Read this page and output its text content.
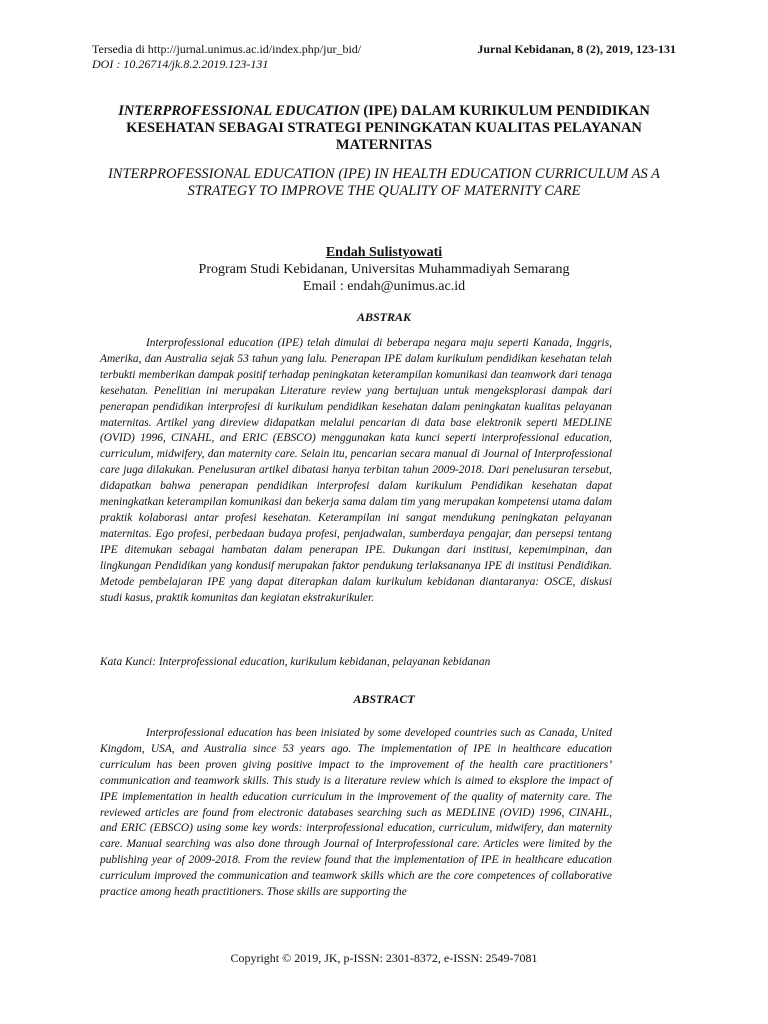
Tersedia di http://jurnal.unimus.ac.id/index.php/jur_bid/
DOI : 10.26714/jk.8.2.2019.123-131
Jurnal Kebidanan, 8 (2), 2019, 123-131
INTERPROFESSIONAL EDUCATION (IPE) DALAM KURIKULUM PENDIDIKAN KESEHATAN SEBAGAI STRATEGI PENINGKATAN KUALITAS PELAYANAN MATERNITAS
INTERPROFESSIONAL EDUCATION (IPE) IN HEALTH EDUCATION CURRICULUM AS A STRATEGY TO IMPROVE THE QUALITY OF MATERNITY CARE
Endah Sulistyowati
Program Studi Kebidanan, Universitas Muhammadiyah Semarang
Email : endah@unimus.ac.id
ABSTRAK
Interprofessional education (IPE) telah dimulai di beberapa negara maju seperti Kanada, Inggris, Amerika, dan Australia sejak 53 tahun yang lalu. Penerapan IPE dalam kurikulum pendidikan kesehatan telah terbukti memberikan dampak positif terhadap peningkatan keterampilan komunikasi dan teamwork dari tenaga kesehatan. Penelitian ini merupakan Literature review yang bertujuan untuk mengeksplorasi dampak dari penerapan pendidikan interprofesi di kurikulum pendidikan kesehatan dalam peningkatan kualitas pelayanan maternitas. Artikel yang direview didapatkan melalui pencarian di data base elektronik seperti MEDLINE (OVID) 1996, CINAHL, and ERIC (EBSCO) menggunakan kata kunci seperti interprofessional education, curriculum, midwifery, dan maternity care. Selain itu, pencarian secara manual di Journal of Interprofessional care juga dilakukan. Penelusuran artikel dibatasi hanya terbitan tahun 2009-2018. Dari penelusuran tersebut, didapatkan bahwa penerapan pendidikan interprofesi dalam kurikulum Pendidikan kesehatan dapat meningkatkan keterampilan komunikasi dan bekerja sama dalam tim yang merupakan kompetensi utama dalam praktik kolaborasi antar profesi kesehatan. Keterampilan ini sangat mendukung peningkatan pelayanan maternitas. Ego profesi, perbedaan budaya profesi, penjadwalan, sumberdaya pengajar, dan persepsi tentang IPE ditemukan sebagai hambatan dalam penerapan IPE. Dukungan dari institusi, kepemimpinan, dan lingkungan Pendidikan yang kondusif merupakan faktor pendukung terlaksananya IPE di institusi Pendidikan. Metode pembelajaran IPE yang dapat diterapkan dalam kurikulum kebidanan diantaranya: OSCE, diskusi studi kasus, praktik komunitas dan kegiatan ekstrakurikuler.
Kata Kunci: Interprofessional education, kurikulum kebidanan, pelayanan kebidanan
ABSTRACT
Interprofessional education has been inisiated by some developed countries such as Canada, United Kingdom, USA, and Australia since 53 years ago. The implementation of IPE in healthcare education curriculum has been proven giving positive impact to the improvement of the health care practitioners’ communication and teamwork skills. This study is a literature review which is aimed to eksplore the impact of IPE implementation in health education curriculum in the improvement of the quality of maternity care. The reviewed articles are found from electronic databases searching such as MEDLINE (OVID) 1996, CINAHL, and ERIC (EBSCO) using some key words: interprofessional education, curriculum, midwifery, dan maternity care. Manual searching was also done through Journal of Interprofessional care. Articles were limited by the publishing year of 2009-2018. From the review found that the implementation of IPE in healthcare education curriculum improved the communication and teamwork skills which are the core competences of collaborative practice among heath practitioners. Those skills are supporting the
Copyright © 2019, JK, p-ISSN: 2301-8372, e-ISSN: 2549-7081
